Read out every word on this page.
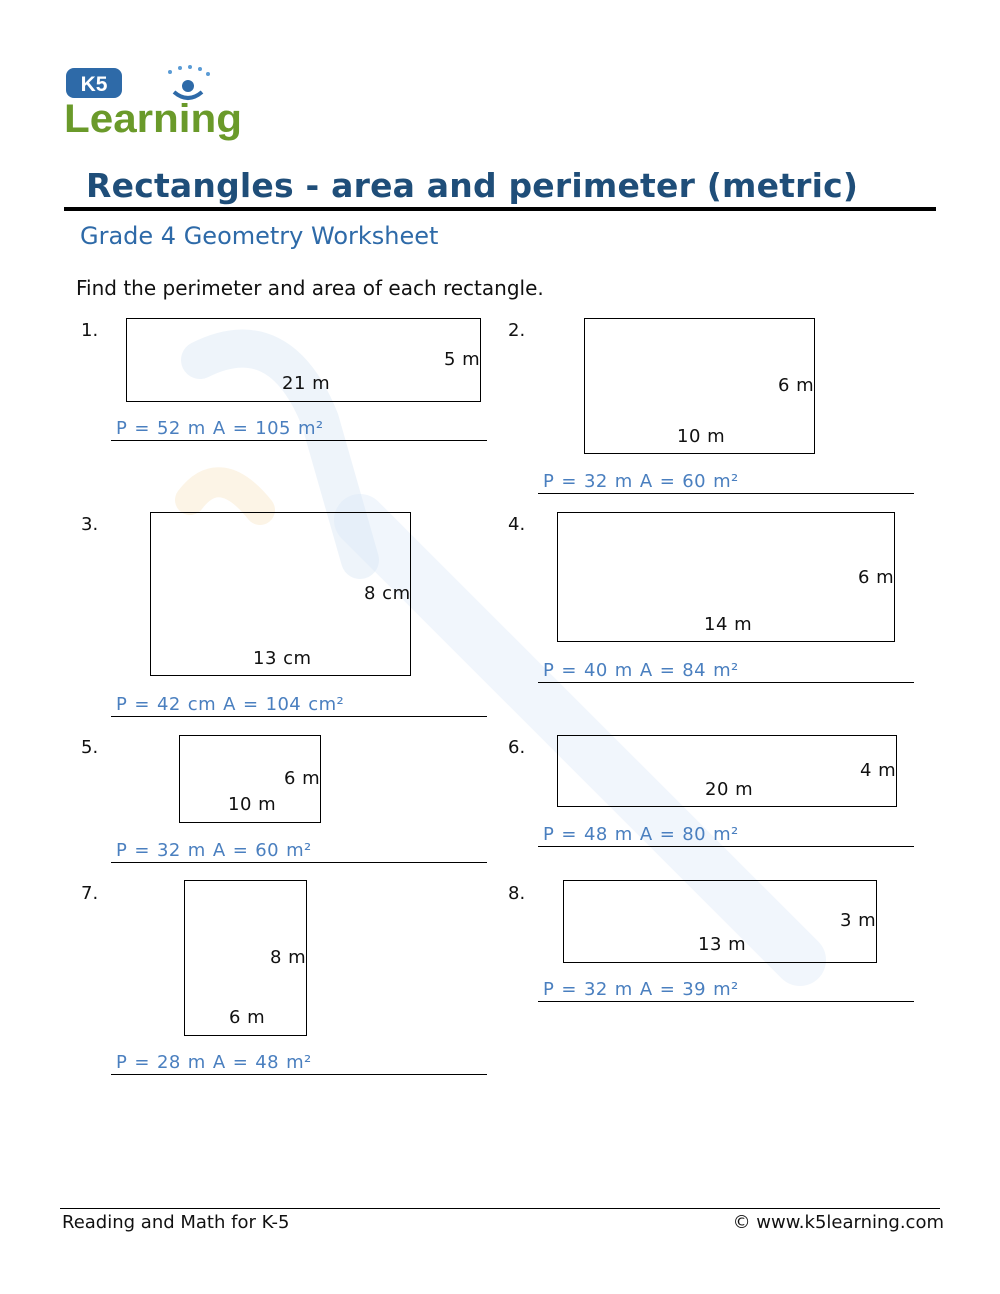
K5
Learning
Rectangles - area and perimeter (metric)
Grade 4 Geometry Worksheet
Find the perimeter and area of each rectangle.
1.
5 m
21 m
P = 52 m A = 105 m²
2.
6 m
10 m
P = 32 m A = 60 m²
3.
8 cm
13 cm
P = 42 cm A = 104 cm²
4.
6 m
14 m
P = 40 m A = 84 m²
5.
6 m
10 m
P = 32 m A = 60 m²
6.
4 m
20 m
P = 48 m A = 80 m²
7.
8 m
6 m
P = 28 m A = 48 m²
8.
3 m
13 m
P = 32 m A = 39 m²
Reading and Math for K-5	© www.k5learning.com
